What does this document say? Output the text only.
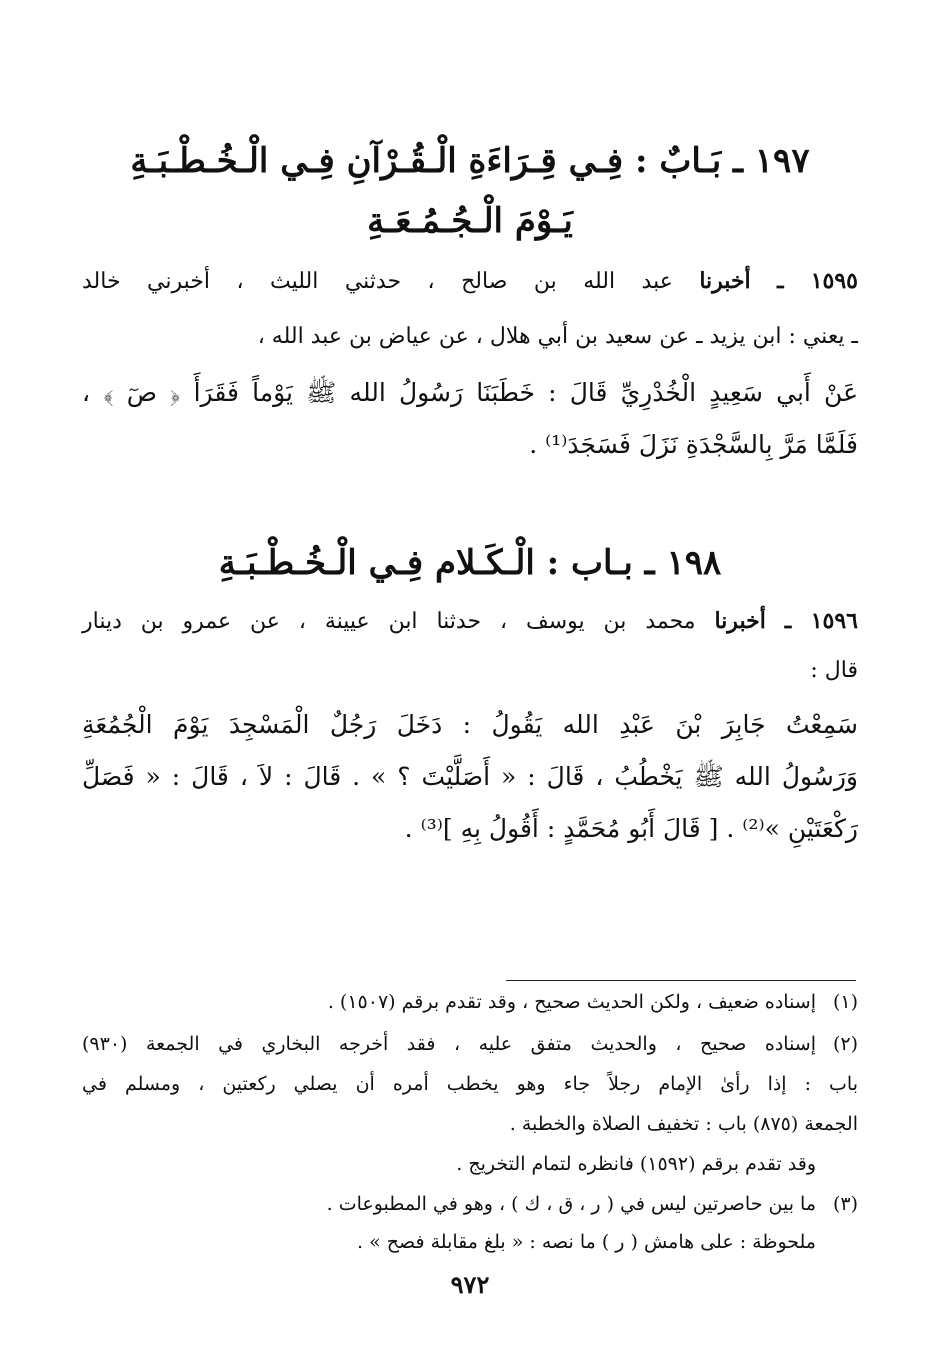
١٩٧ ـ بَـابٌ : فِـي قِـرَاءَةِ الْـقُـرْآنِ فِـي الْـخُـطْـبَـةِ
يَـوْمَ الْـجُـمُـعَـةِ
١٥٩٥ ـ أخبرنا عبد الله بن صالح ، حدثني الليث ، أخبرني خالد
ـ يعني : ابن يزيد ـ عن سعيد بن أبي هلال ، عن عياض بن عبد الله ،
عَنْ أَبي سَعِيدٍ الْخُدْرِيِّ قَالَ : خَطَبَنَا رَسُولُ الله ﷺ يَوْماً فَقَرَأَ ﴿ صٓ ﴾ ،
فَلَمَّا مَرَّ بِالسَّجْدَةِ نَزَلَ فَسَجَدَ⁽¹⁾ .
١٩٨ ـ بـاب : الْـكَـلام فِـي الْـخُـطْـبَـةِ
١٥٩٦ ـ أخبرنا محمد بن يوسف ، حدثنا ابن عيينة ، عن عمرو بن دينار
قال :
سَمِعْتُ جَابِرَ بْنَ عَبْدِ الله يَقُولُ : دَخَلَ رَجُلٌ الْمَسْجِدَ يَوْمَ الْجُمُعَةِ
وَرَسُولُ الله ﷺ يَخْطُبُ ، قَالَ : « أَصَلَّيْتَ ؟ » . قَالَ : لاَ ، قَالَ : « فَصَلِّ
رَكْعَتَيْنِ »⁽²⁾ . [ قَالَ أَبُو مُحَمَّدٍ : أَقُولُ بِهِ ]⁽³⁾ .
(١)
إسناده ضعيف ، ولكن الحديث صحيح ، وقد تقدم برقم (١٥٠٧) .
(٢)
إسناده صحيح ، والحديث متفق عليه ، فقد أخرجه البخاري في الجمعة (٩٣٠)
باب : إذا رأىٰ الإمام رجلاً جاء وهو يخطب أمره أن يصلي ركعتين ، ومسلم في
الجمعة (٨٧٥) باب : تخفيف الصلاة والخطبة .
وقد تقدم برقم (١٥٩٢) فانظره لتمام التخريج .
(٣)
ما بين حاصرتين ليس في ( ر ، ق ، ك ) ، وهو في المطبوعات .
ملحوظة : على هامش ( ر ) ما نصه : « بلغ مقابلة فصح » .
٩٧٢
